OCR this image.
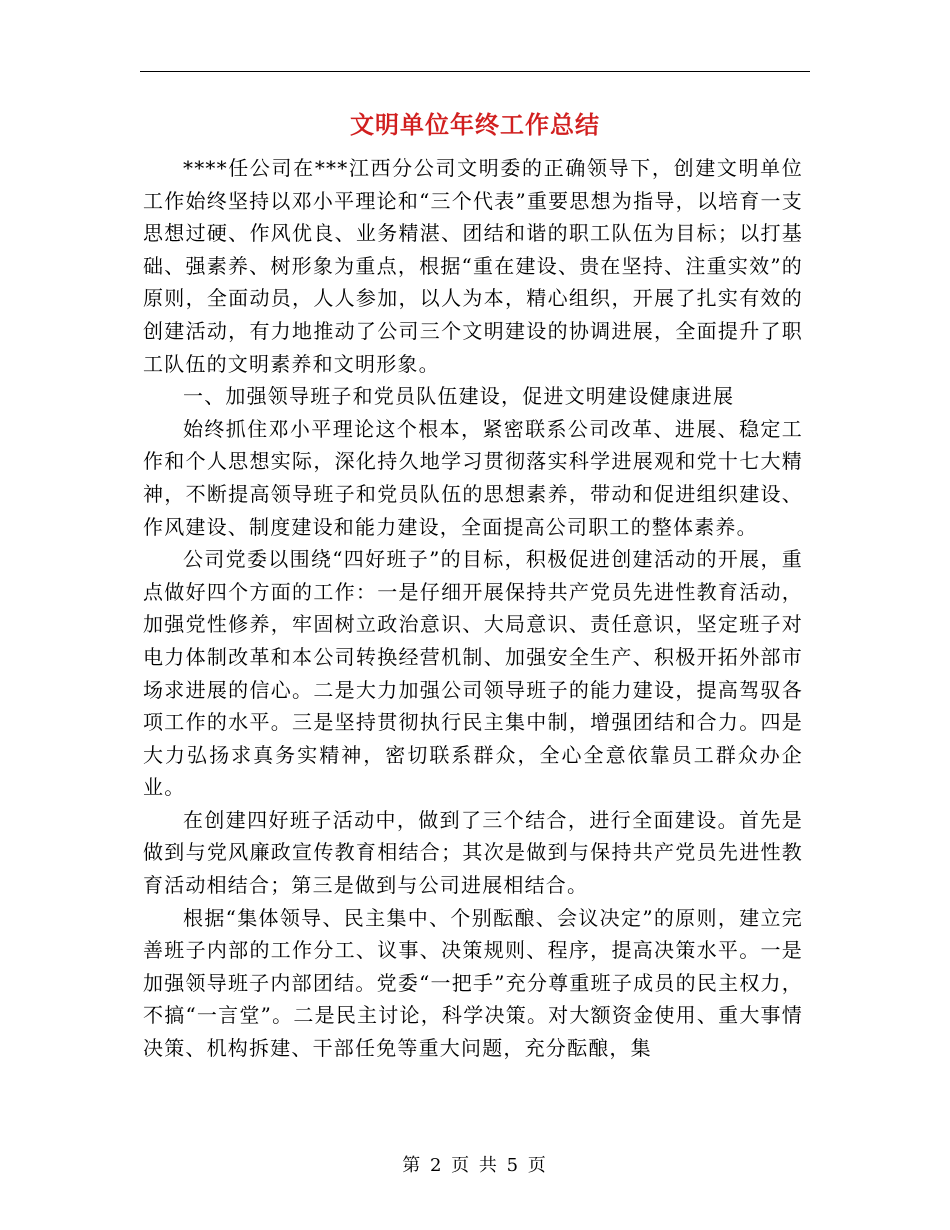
文明单位年终工作总结

****任公司在***江西分公司文明委的正确领导下，创建文明单位工作始终坚持以邓小平理论和“三个代表”重要思想为指导，以培育一支思想过硬、作风优良、业务精湛、团结和谐的职工队伍为目标；以打基础、强素养、树形象为重点，根据“重在建设、贵在坚持、注重实效”的原则，全面动员，人人参加，以人为本，精心组织，开展了扎实有效的创建活动，有力地推动了公司三个文明建设的协调进展，全面提升了职工队伍的文明素养和文明形象。

一、加强领导班子和党员队伍建设，促进文明建设健康进展

始终抓住邓小平理论这个根本，紧密联系公司改革、进展、稳定工作和个人思想实际，深化持久地学习贯彻落实科学进展观和党十七大精神，不断提高领导班子和党员队伍的思想素养，带动和促进组织建设、作风建设、制度建设和能力建设，全面提高公司职工的整体素养。

公司党委以围绕“四好班子”的目标，积极促进创建活动的开展，重点做好四个方面的工作：一是仔细开展保持共产党员先进性教育活动，加强党性修养，牢固树立政治意识、大局意识、责任意识，坚定班子对电力体制改革和本公司转换经营机制、加强安全生产、积极开拓外部市场求进展的信心。二是大力加强公司领导班子的能力建设，提高驾驭各项工作的水平。三是坚持贯彻执行民主集中制，增强团结和合力。四是大力弘扬求真务实精神，密切联系群众，全心全意依靠员工群众办企业。

在创建四好班子活动中，做到了三个结合，进行全面建设。首先是做到与党风廉政宣传教育相结合；其次是做到与保持共产党员先进性教育活动相结合；第三是做到与公司进展相结合。

根据“集体领导、民主集中、个别酝酿、会议决定”的原则，建立完善班子内部的工作分工、议事、决策规则、程序，提高决策水平。一是加强领导班子内部团结。党委“一把手”充分尊重班子成员的民主权力，不搞“一言堂”。二是民主讨论，科学决策。对大额资金使用、重大事情决策、机构拆建、干部任免等重大问题，充分酝酿，集

第 2 页 共 5 页
